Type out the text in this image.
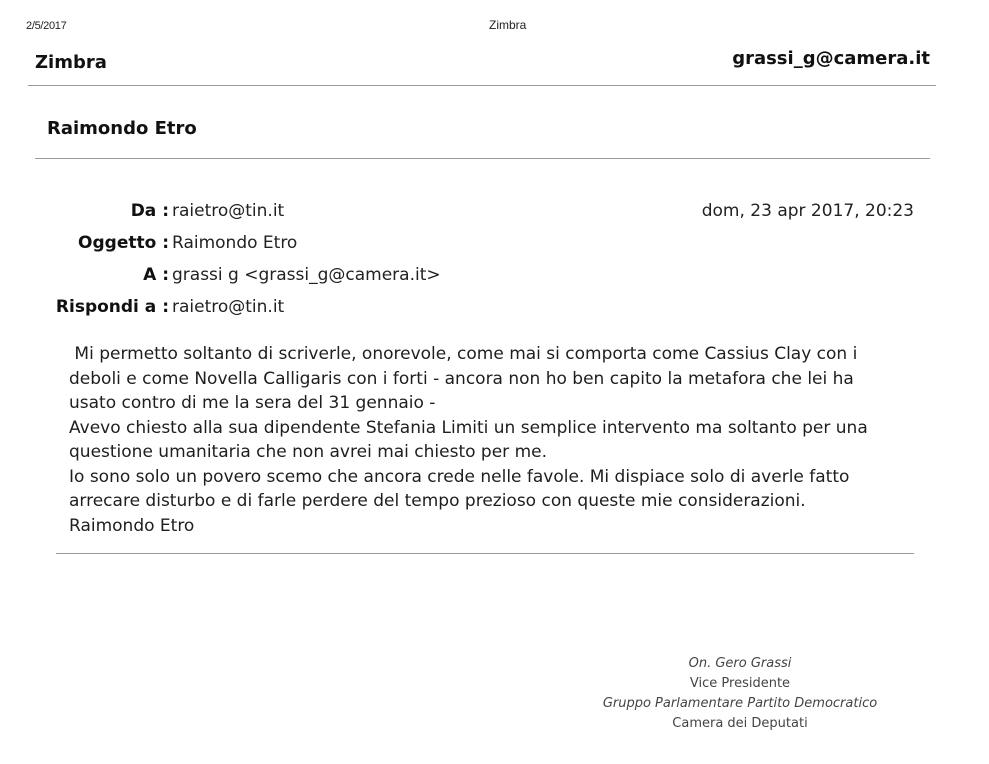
2/5/2017	Zimbra
Zimbra	grassi_g@camera.it
Raimondo Etro
Da : raietro@tin.it	dom, 23 apr 2017, 20:23
Oggetto : Raimondo Etro
A : grassi g <grassi_g@camera.it>
Rispondi a : raietro@tin.it
Mi permetto soltanto di scriverle, onorevole, come mai si comporta come Cassius Clay con i
deboli e come Novella Calligaris con i forti - ancora non ho ben capito la metafora che lei ha
usato contro di me la sera del 31 gennaio -
Avevo chiesto alla sua dipendente Stefania Limiti un semplice intervento ma soltanto per una
questione umanitaria che non avrei mai chiesto per me.
Io sono solo un povero scemo che ancora crede nelle favole. Mi dispiace solo di averle fatto
arrecare disturbo e di farle perdere del tempo prezioso con queste mie considerazioni.
Raimondo Etro
On. Gero Grassi
Vice Presidente
Gruppo Parlamentare Partito Democratico
Camera dei Deputati
